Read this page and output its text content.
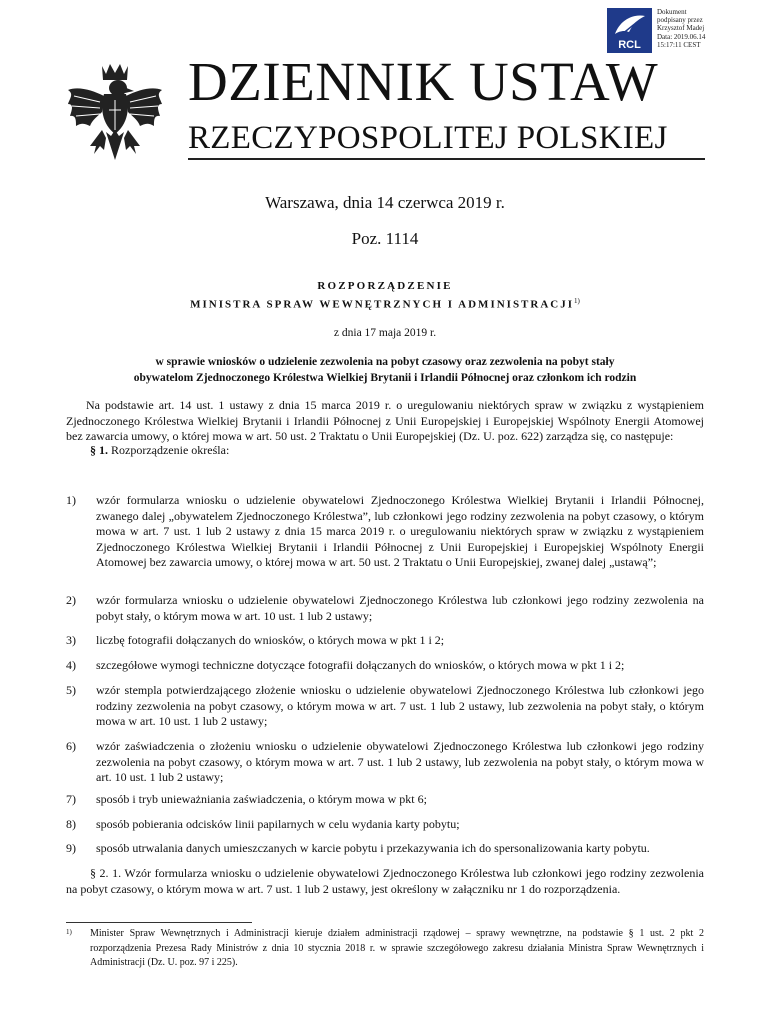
RCL
Dokument
podpisany przez
Krzysztof Madej
Data: 2019.06.14
15:17:11 CEST
DZIENNIK USTAW
RZECZYPOSPOLITEJ POLSKIEJ
Warszawa, dnia 14 czerwca 2019 r.
Poz. 1114
ROZPORZĄDZENIE
MINISTRA SPRAW WEWNĘTRZNYCH I ADMINISTRACJI$^{1)}$
z dnia 17 maja 2019 r.
w sprawie wniosków o udzielenie zezwolenia na pobyt czasowy oraz zezwolenia na pobyt stały
obywatelom Zjednoczonego Królestwa Wielkiej Brytanii i Irlandii Północnej oraz członkom ich rodzin
Na podstawie art. 14 ust. 1 ustawy z dnia 15 marca 2019 r. o uregulowaniu niektórych spraw w związku z wystąpieniem Zjednoczonego Królestwa Wielkiej Brytanii i Irlandii Północnej z Unii Europejskiej i Europejskiej Wspólnoty Energii Atomowej bez zawarcia umowy, o której mowa w art. 50 ust. 2 Traktatu o Unii Europejskiej (Dz. U. poz. 622) zarządza się, co następuje:
§ 1. Rozporządzenie określa:
1)	wzór formularza wniosku o udzielenie obywatelowi Zjednoczonego Królestwa Wielkiej Brytanii i Irlandii Północnej, zwanego dalej „obywatelem Zjednoczonego Królestwa”, lub członkowi jego rodziny zezwolenia na pobyt czasowy, o którym mowa w art. 7 ust. 1 lub 2 ustawy z dnia 15 marca 2019 r. o uregulowaniu niektórych spraw w związku z wystąpieniem Zjednoczonego Królestwa Wielkiej Brytanii i Irlandii Północnej z Unii Europejskiej i Europejskiej Wspólnoty Energii Atomowej bez zawarcia umowy, o której mowa w art. 50 ust. 2 Traktatu o Unii Europejskiej, zwanej dalej „ustawą”;
2)	wzór formularza wniosku o udzielenie obywatelowi Zjednoczonego Królestwa lub członkowi jego rodziny zezwolenia na pobyt stały, o którym mowa w art. 10 ust. 1 lub 2 ustawy;
3)	liczbę fotografii dołączanych do wniosków, o których mowa w pkt 1 i 2;
4)	szczegółowe wymogi techniczne dotyczące fotografii dołączanych do wniosków, o których mowa w pkt 1 i 2;
5)	wzór stempla potwierdzającego złożenie wniosku o udzielenie obywatelowi Zjednoczonego Królestwa lub członkowi jego rodziny zezwolenia na pobyt czasowy, o którym mowa w art. 7 ust. 1 lub 2 ustawy, lub zezwolenia na pobyt stały, o którym mowa w art. 10 ust. 1 lub 2 ustawy;
6)	wzór zaświadczenia o złożeniu wniosku o udzielenie obywatelowi Zjednoczonego Królestwa lub członkowi jego rodziny zezwolenia na pobyt czasowy, o którym mowa w art. 7 ust. 1 lub 2 ustawy, lub zezwolenia na pobyt stały, o którym mowa w art. 10 ust. 1 lub 2 ustawy;
7)	sposób i tryb unieważniania zaświadczenia, o którym mowa w pkt 6;
8)	sposób pobierania odcisków linii papilarnych w celu wydania karty pobytu;
9)	sposób utrwalania danych umieszczanych w karcie pobytu i przekazywania ich do spersonalizowania karty pobytu.
§ 2. 1. Wzór formularza wniosku o udzielenie obywatelowi Zjednoczonego Królestwa lub członkowi jego rodziny zezwolenia na pobyt czasowy, o którym mowa w art. 7 ust. 1 lub 2 ustawy, jest określony w załączniku nr 1 do rozporządzenia.
1) Minister Spraw Wewnętrznych i Administracji kieruje działem administracji rządowej – sprawy wewnętrzne, na podstawie § 1 ust. 2 pkt 2 rozporządzenia Prezesa Rady Ministrów z dnia 10 stycznia 2018 r. w sprawie szczegółowego zakresu działania Ministra Spraw Wewnętrznych i Administracji (Dz. U. poz. 97 i 225).
